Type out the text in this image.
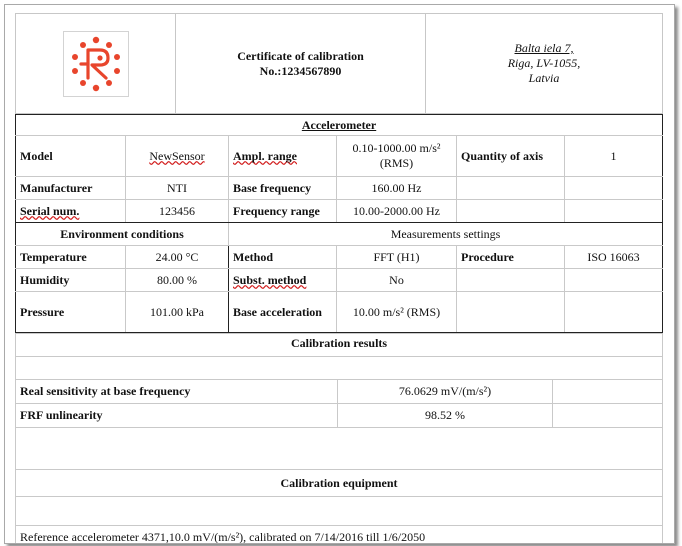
Certificate of calibration
No.:1234567890

Balta iela 7,
Riga, LV-1055,
Latvia
Accelerometer					
Model	NewSensor	Ampl. range	0.10-1000.00 m/s² (RMS)	Quantity of axis	1
Manufacturer	NTI	Base frequency	160.00 Hz		
Serial num.	123456	Frequency range	10.00-2000.00 Hz		
Environment conditions		Measurements settings			
Temperature	24.00 °C	Method	FFT (H1)	Procedure	ISO 16063
Humidity	80.00 %	Subst. method	No		
Pressure	101.00 kPa	Base acceleration	10.00 m/s² (RMS)		
Calibration results		

Real sensitivity at base frequency	76.0629 mV/(m/s²)	
FRF unlinearity	98.52 %	

Calibration equipment		

Reference accelerometer 4371,10.0 mV/(m/s²), calibrated on 7/14/2016 till 1/6/2050		
